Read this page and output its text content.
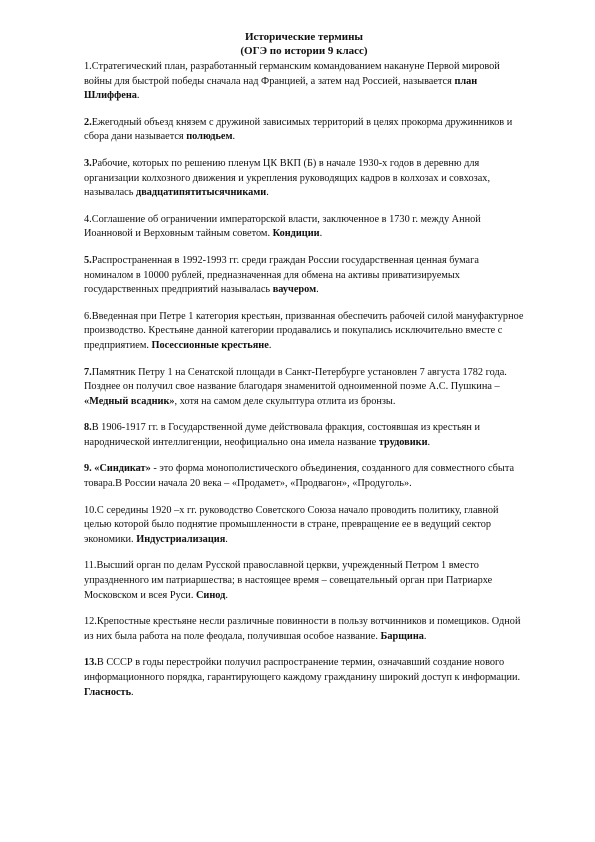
Исторические термины

(ОГЭ по истории 9 класс)

1.Стратегический план, разработанный германским командованием накануне Первой мировой войны для быстрой победы сначала над Францией, а затем над Россией, называется план Шлиффена.

2.Ежегодный объезд князем с дружиной зависимых территорий в целях прокорма дружинников и сбора дани называется полюдьем.

3.Рабочие, которых по решению пленум ЦК ВКП (Б) в начале 1930-х годов в деревню для организации колхозного движения и укрепления руководящих кадров в колхозах и совхозах, называлась двадцатипятитысячниками.

4.Соглашение об ограничении императорской власти, заключенное в 1730 г. между Анной Иоанновой и Верховным тайным советом. Кондиции.

5.Распространенная в 1992-1993 гг. среди граждан России государственная ценная бумага номиналом в 10000 рублей, предназначенная для обмена на активы приватизируемых государственных предприятий называлась ваучером.

6.Введенная при Петре 1 категория крестьян, призванная обеспечить рабочей силой мануфактурное производство. Крестьяне данной категории продавались и покупались исключительно вместе с предприятием. Посессионные крестьяне.

7.Памятник Петру 1 на Сенатской площади в Санкт-Петербурге установлен 7 августа 1782 года. Позднее он получил свое название благодаря знаменитой одноименной поэме А.С. Пушкина – «Медный всадник», хотя на самом деле скульптура отлита из бронзы.

8.В 1906-1917 гг. в Государственной думе действовала фракция, состоявшая из крестьян и народнической интеллигенции, неофициально она имела название трудовики.

9. «Синдикат» - это форма монополистического объединения, созданного для совместного сбыта товара.В России начала 20 века – «Продамет», «Продвагон», «Продуголь».

10.С середины 1920 –х гг. руководство Советского Союза начало проводить политику, главной целью которой было поднятие промышленности в стране, превращение ее в ведущий сектор экономики. Индустриализация.

11.Высший орган по делам Русской православной церкви, учрежденный Петром 1 вместо упраздненного им патриаршества; в настоящее время – совещательный орган при Патриархе Московском и всея Руси. Синод.

12.Крепостные крестьяне несли различные повинности в пользу вотчинников и помещиков. Одной из них была работа на поле феодала, получившая особое название. Барщина.

13.В СССР в годы перестройки получил распространение термин, означавший создание нового информационного порядка, гарантирующего каждому гражданину широкий доступ к информации. Гласность.
